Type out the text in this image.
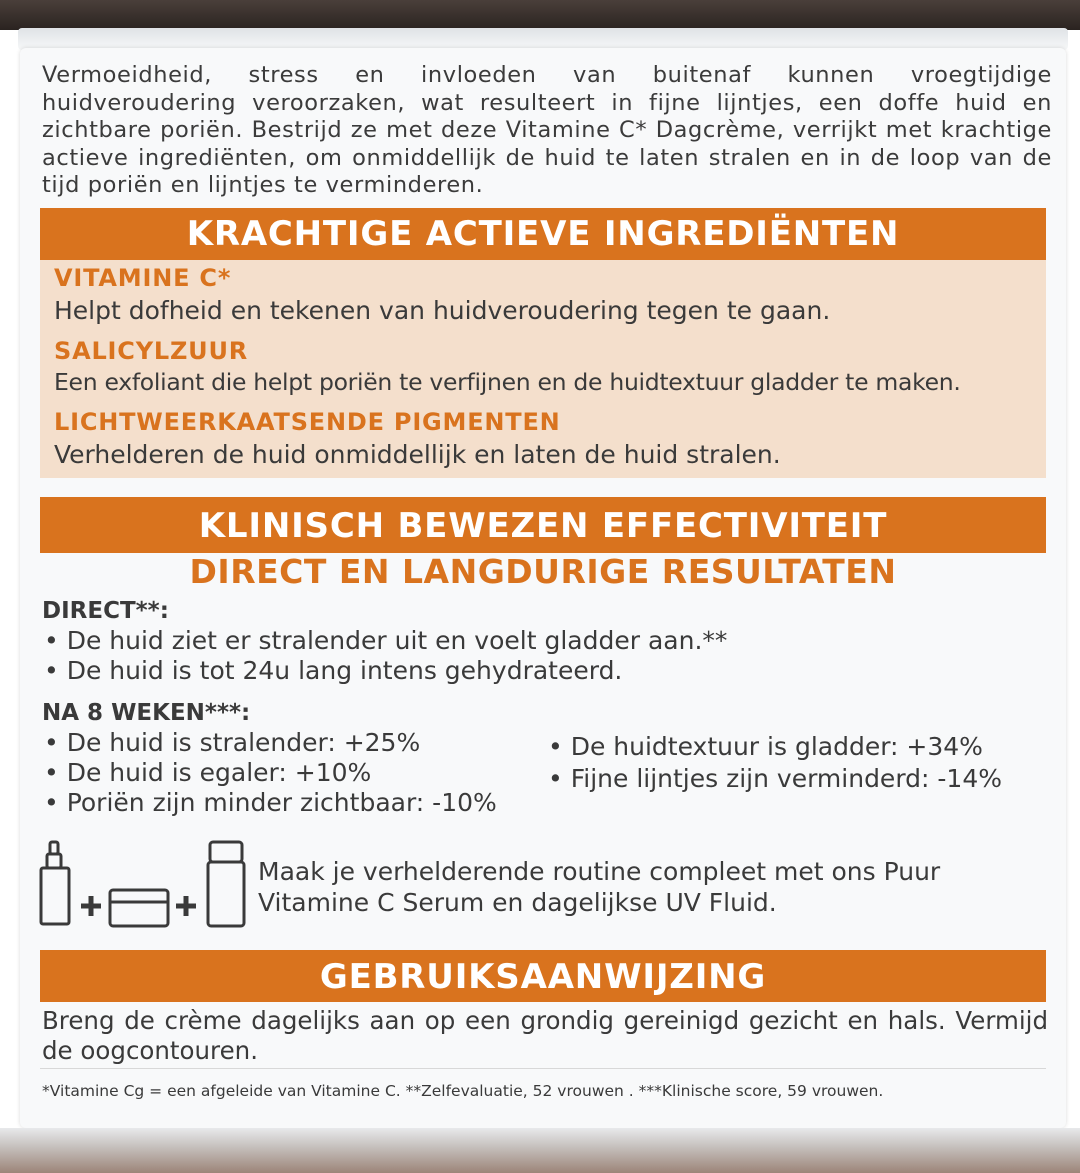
Vermoeidheid, stress en invloeden van buitenaf kunnen vroegtijdige huidveroudering veroorzaken, wat resulteert in fijne lijntjes, een doffe huid en zichtbare poriën. Bestrijd ze met deze Vitamine C* Dagcrème, verrijkt met krachtige actieve ingrediënten, om onmiddellijk de huid te laten stralen en in de loop van de tijd poriën en lijntjes te verminderen.
KRACHTIGE ACTIEVE INGREDIËNTEN
VITAMINE C*
Helpt dofheid en tekenen van huidveroudering tegen te gaan.
SALICYLZUUR
Een exfoliant die helpt poriën te verfijnen en de huidtextuur gladder te maken.
LICHTWEERKAATSENDE PIGMENTEN
Verhelderen de huid onmiddellijk en laten de huid stralen.
KLINISCH BEWEZEN EFFECTIVITEIT
DIRECT EN LANGDURIGE RESULTATEN
DIRECT**:
• De huid ziet er stralender uit en voelt gladder aan.**
• De huid is tot 24u lang intens gehydrateerd.
NA 8 WEKEN***:
• De huid is stralender: +25%
• De huid is egaler: +10%
• Poriën zijn minder zichtbaar: -10%
• De huidtextuur is gladder: +34%
• Fijne lijntjes zijn verminderd: -14%
Maak je verhelderende routine compleet met ons Puur Vitamine C Serum en dagelijkse UV Fluid.
GEBRUIKSAANWIJZING
Breng de crème dagelijks aan op een grondig gereinigd gezicht en hals. Vermijd de oogcontouren.
*Vitamine Cg = een afgeleide van Vitamine C. **Zelfevaluatie, 52 vrouwen . ***Klinische score, 59 vrouwen.
